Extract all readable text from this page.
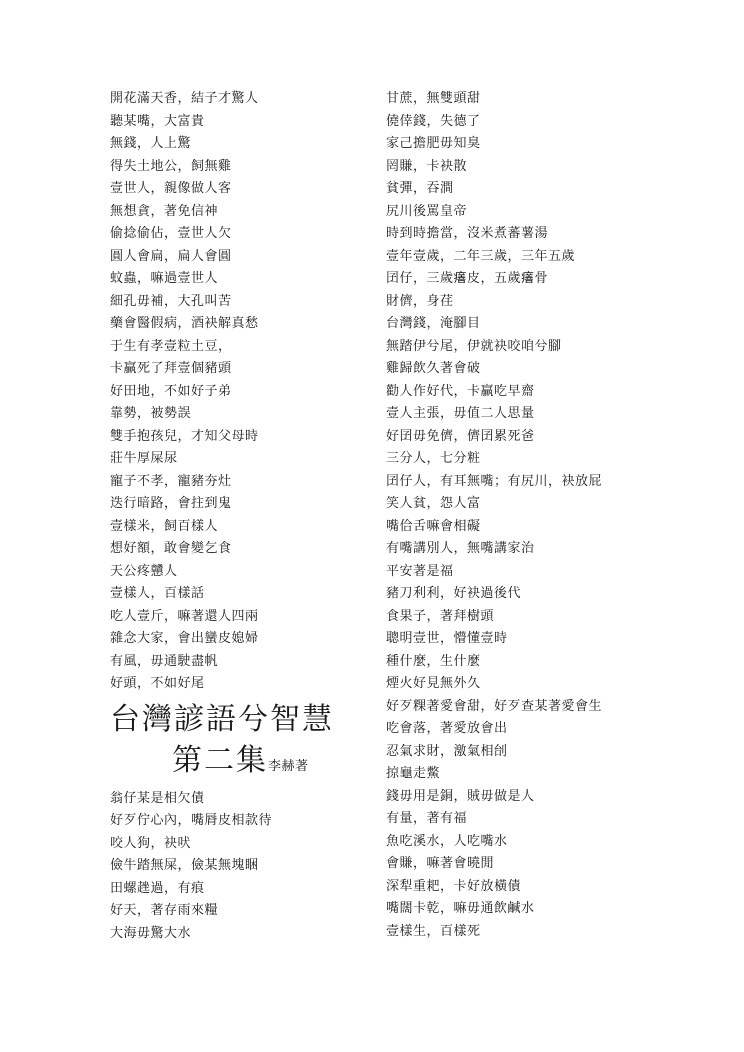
開花滿天香，結子才驚人
聽某嘴，大富貴
無錢，人上驚
得失土地公，飼無雞
壹世人，親像做人客
無想貪，著免信神
偷捻偷佔，壹世人欠
圓人會扁，扁人會圓
蚊蟲，嘛過壹世人
細孔毋補，大孔叫苦
藥會醫假病，酒袂解真愁
于生有孝壹粒土豆，
卡贏死了拜壹個豬頭
好田地，不如好子弟
靠勢，被勢誤
雙手抱孩兒，才知父母時
莊牛厚屎尿
寵子不孝，寵豬夯灶
迭行暗路，會拄到鬼
壹樣米，飼百樣人
想好額，敢會變乞食
天公疼戇人
壹樣人，百樣話
吃人壹斤，嘛著還人四兩
雜念大家，會出蠻皮媳婦
有風，毋通駛盡帆
好頭，不如好尾
台灣諺語兮智慧
第二集李赫著
翁仔某是相欠債
好歹佇心內，嘴脣皮相款待
咬人狗，袂吠
儉牛踏無屎，儉某無塊睏
田螺趖過，有痕
好天，著存雨來糧
大海毋驚大水
甘蔗，無雙頭甜
僥倖錢，失德了
家己擔肥毋知臭
罔賺，卡袂散
貧彈，吞澗
尻川後罵皇帝
時到時擔當，沒米煮蕃薯湯
壹年壹歲，二年三歲，三年五歲
囝仔，三歲𤺪皮，五歲𤺪骨
財儕，身荏
台灣錢，淹腳目
無踏伊兮尾，伊就袂咬咱兮腳
雞歸飲久著會破
勸人作好代，卡贏吃早齋
壹人主張，毋值二人思量
好囝毋免儕，儕囝累死爸
三分人，七分粧
囝仔人，有耳無嘴；有尻川，袂放屁
笑人貧，怨人富
嘴佮舌嘛會相礙
有嘴講別人，無嘴講家治
平安著是福
豬刀利利，好袂過後代
食果子，著拜樹頭
聰明壹世，懵懂壹時
種什麼，生什麼
煙火好見無外久
好歹粿著愛會甜，好歹查某著愛會生
吃會落，著愛放會出
忍氣求財，激氣相刣
掠龜走鱉
錢毋用是銅，賊毋做是人
有量，著有福
魚吃溪水，人吃嘴水
會賺，嘛著會曉閒
深犁重耙，卡好放橫債
嘴闊卡乾，嘛毋通飲鹹水
壹樣生，百樣死
